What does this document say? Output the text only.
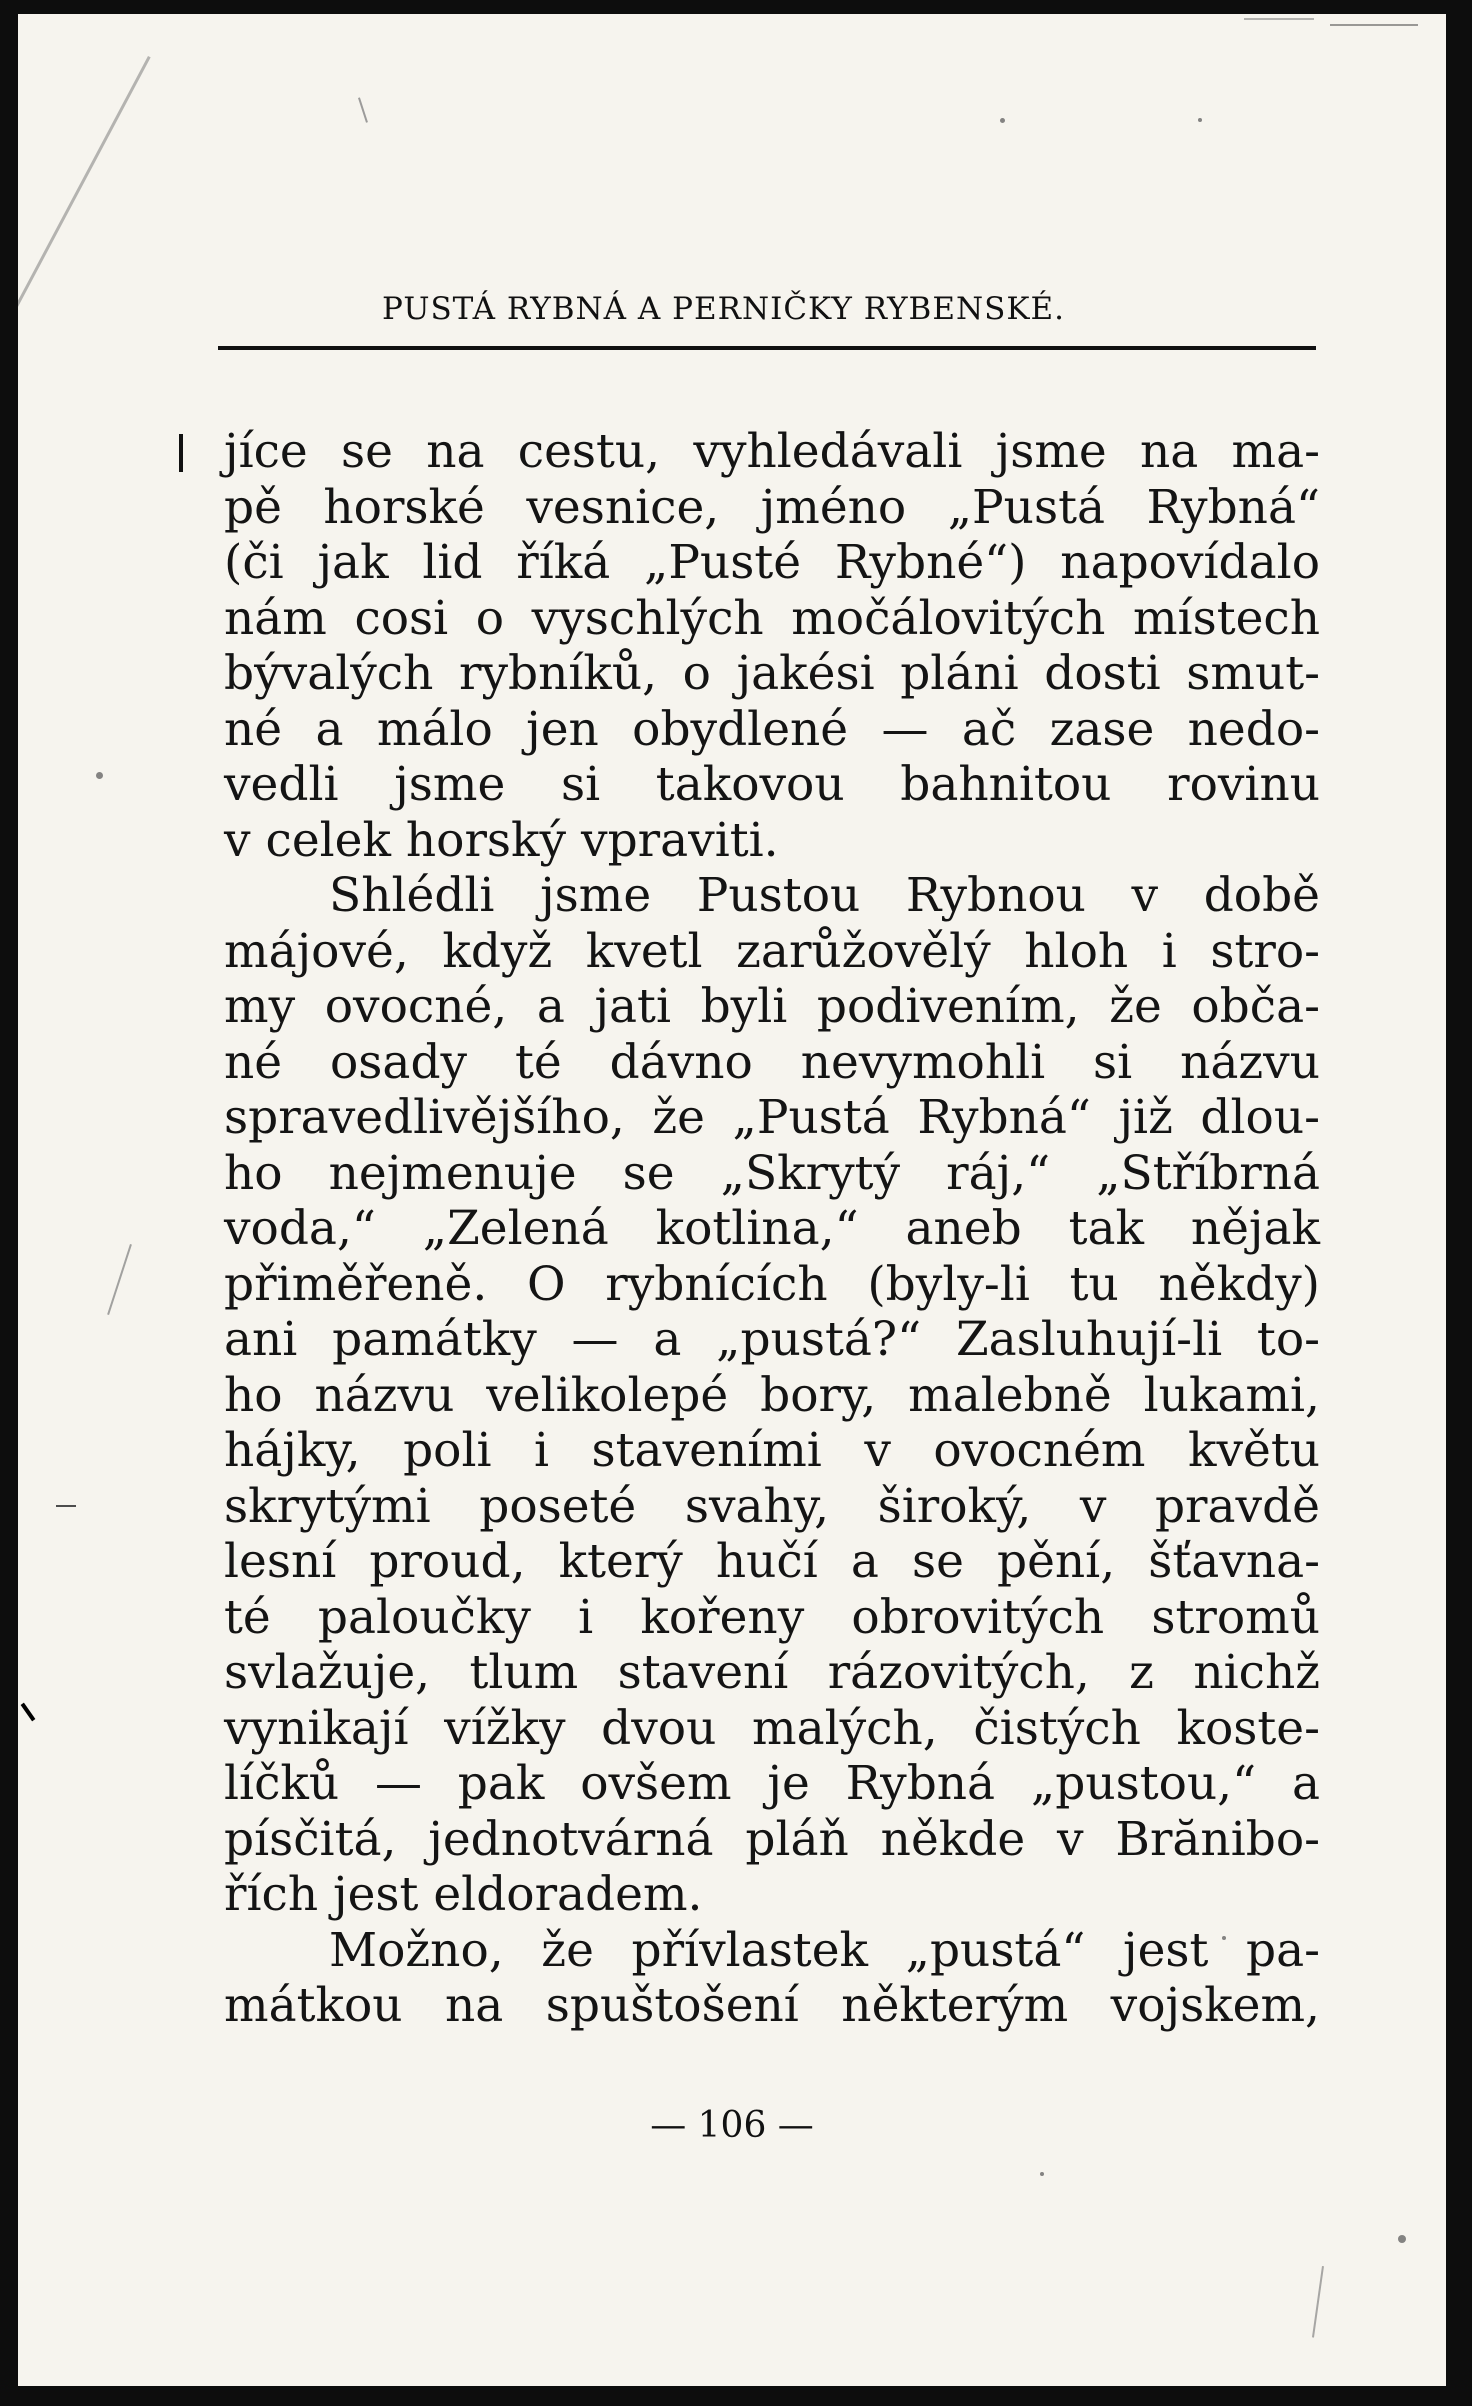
PUSTÁ RYBNÁ A PERNIČKY RYBENSKÉ.

jíce se na cestu, vyhledávali jsme na ma-
pě horské vesnice, jméno „Pustá Rybná“
(či jak lid říká „Pusté Rybné“) napovídalo
nám cosi o vyschlých močálovitých místech
bývalých rybníků, o jakési pláni dosti smut-
né a málo jen obydlené — ač zase nedo-
vedli jsme si takovou bahnitou rovinu
v celek horský vpraviti.
Shlédli jsme Pustou Rybnou v době
májové, když kvetl zarůžovělý hloh i stro-
my ovocné, a jati byli podivením, že obča-
né osady té dávno nevymohli si názvu
spravedlivějšího, že „Pustá Rybná“ již dlou-
ho nejmenuje se „Skrytý ráj,“ „Stříbrná
voda,“ „Zelená kotlina,“ aneb tak nějak
přiměřeně. O rybnících (byly-li tu někdy)
ani památky — a „pustá?“ Zasluhují-li to-
ho názvu velikolepé bory, malebně lukami,
hájky, poli i staveními v ovocném květu
skrytými poseté svahy, široký, v pravdě
lesní proud, který hučí a se pění, šťavna-
té paloučky i kořeny obrovitých stromů
svlažuje, tlum stavení rázovitých, z nichž
vynikají vížky dvou malých, čistých koste-
líčků — pak ovšem je Rybná „pustou,“ a
písčitá, jednotvárná pláň někde v Brănibo-
řích jest eldoradem.
Možno, že přívlastek „pustá“ jest pa-
mátkou na spuštošení některým vojskem,

— 106 —
